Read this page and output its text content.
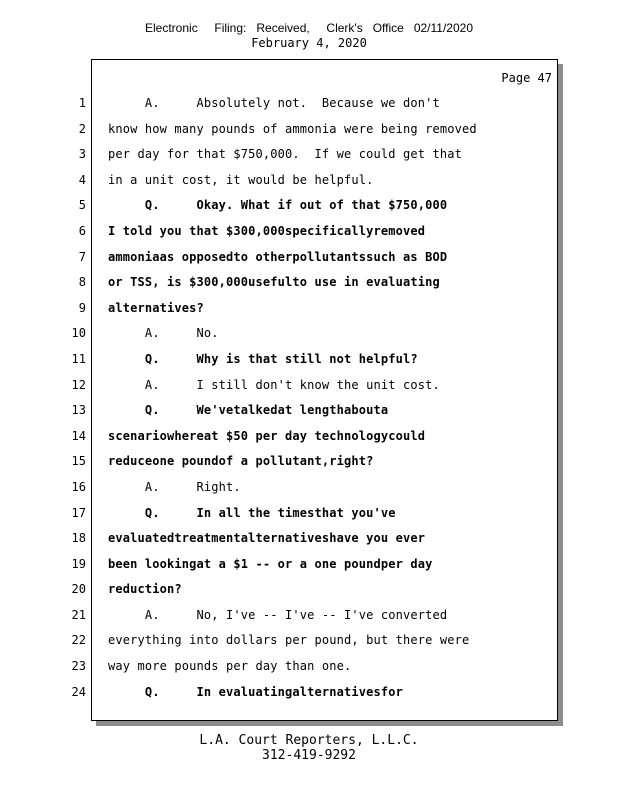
Electronic     Filing:   Received,     Clerk's   Office   02/11/2020
February 4, 2020
Page 47
1
2
3
4
5
6
7
8
9
10
11
12
13
14
15
16
17
18
19
20
21
22
23
24
A.     Absolutely not.  Because we don't
know how many pounds of ammonia were being removed
per day for that $750,000.  If we could get that
in a unit cost, it would be helpful.
Q.     Okay. What if out of that $750,000
I told you that $300,000specificallyremoved
ammoniaas opposedto otherpollutantssuch as BOD
or TSS, is $300,000usefulto use in evaluating
alternatives?
A.     No.
Q.     Why is that still not helpful?
A.     I still don't know the unit cost.
Q.     We'vetalkedat lengthabouta
scenariowhereat $50 per day technologycould
reduceone poundof a pollutant,right?
A.     Right.
Q.     In all the timesthat you've
evaluatedtreatmentalternativeshave you ever
been lookingat a $1 -- or a one poundper day
reduction?
A.     No, I've -- I've -- I've converted
everything into dollars per pound, but there were
way more pounds per day than one.
Q.     In evaluatingalternativesfor
L.A. Court Reporters, L.L.C.
312-419-9292
